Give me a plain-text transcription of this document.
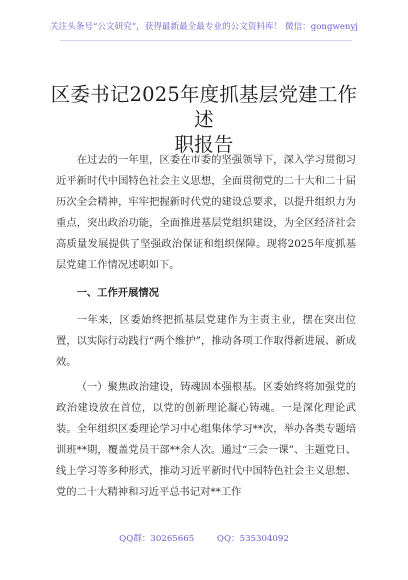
关注头条号“公文研究”，获得最新最全最专业的公文资料库！ 微信：gongwenyj
区委书记2025年度抓基层党建工作述
职报告

在过去的一年里，区委在市委的坚强领导下，深入学习贯彻习近平新时代中国特色社会主义思想，全面贯彻党的二十大和二十届历次全会精神，牢牢把握新时代党的建设总要求，以提升组织力为重点，突出政治功能，全面推进基层党组织建设，为全区经济社会高质量发展提供了坚强政治保证和组织保障。现将2025年度抓基层党建工作情况述职如下。

一、工作开展情况

一年来，区委始终把抓基层党建作为主责主业，摆在突出位置，以实际行动践行“两个维护”，推动各项工作取得新进展、新成效。

（一）聚焦政治建设，铸魂固本强根基。区委始终将加强党的政治建设放在首位，以党的创新理论凝心铸魂。一是深化理论武装。全年组织区委理论学习中心组集体学习**次，举办各类专题培训班**期，覆盖党员干部**余人次。通过“三会一课”、主题党日、线上学习等多种形式，推动习近平新时代中国特色社会主义思想、党的二十大精神和习近平总书记对**工作

QQ群：30265665	QQ：535304092
